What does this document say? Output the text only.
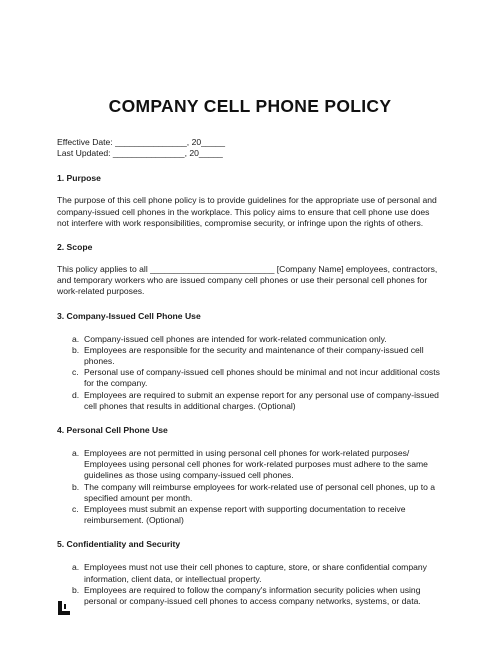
COMPANY CELL PHONE POLICY
Effective Date: _______________, 20_____
Last Updated: _______________, 20_____
1. Purpose

The purpose of this cell phone policy is to provide guidelines for the appropriate use of personal and company-issued cell phones in the workplace. This policy aims to ensure that cell phone use does not interfere with work responsibilities, compromise security, or infringe upon the rights of others.

2. Scope

This policy applies to all __________________________ [Company Name] employees, contractors, and temporary workers who are issued company cell phones or use their personal cell phones for work-related purposes.

3. Company-Issued Cell Phone Use
a. Company-issued cell phones are intended for work-related communication only.
b. Employees are responsible for the security and maintenance of their company-issued cell phones.
c. Personal use of company-issued cell phones should be minimal and not incur additional costs for the company.
d. Employees are required to submit an expense report for any personal use of company-issued cell phones that results in additional charges. (Optional)
4. Personal Cell Phone Use
a. Employees are not permitted in using personal cell phones for work-related purposes/ Employees using personal cell phones for work-related purposes must adhere to the same guidelines as those using company-issued cell phones.
b. The company will reimburse employees for work-related use of personal cell phones, up to a specified amount per month.
c. Employees must submit an expense report with supporting documentation to receive reimbursement. (Optional)
5. Confidentiality and Security
a. Employees must not use their cell phones to capture, store, or share confidential company information, client data, or intellectual property.
b. Employees are required to follow the company's information security policies when using personal or company-issued cell phones to access company networks, systems, or data.
